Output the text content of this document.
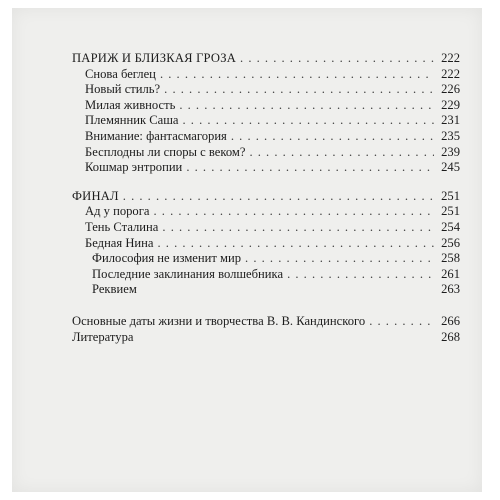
ПАРИЖ И БЛИЗКАЯ ГРОЗА . . .	222
Снова беглец . . .	222
Новый стиль? . . .	226
Милая живность . . .	229
Племянник Саша . . .	231
Внимание: фантасмагория . . .	235
Бесплодны ли споры с веком? . . .	239
Кошмар энтропии . . .	245
ФИНАЛ . . .	251
Ад у порога . . .	251
Тень Сталина . . .	254
Бедная Нина . . .	256
Философия не изменит мир . . .	258
Последние заклинания волшебника . . .	261
Реквием	263
Основные даты жизни и творчества В. В. Кандинского . . .	266
Литература	268
